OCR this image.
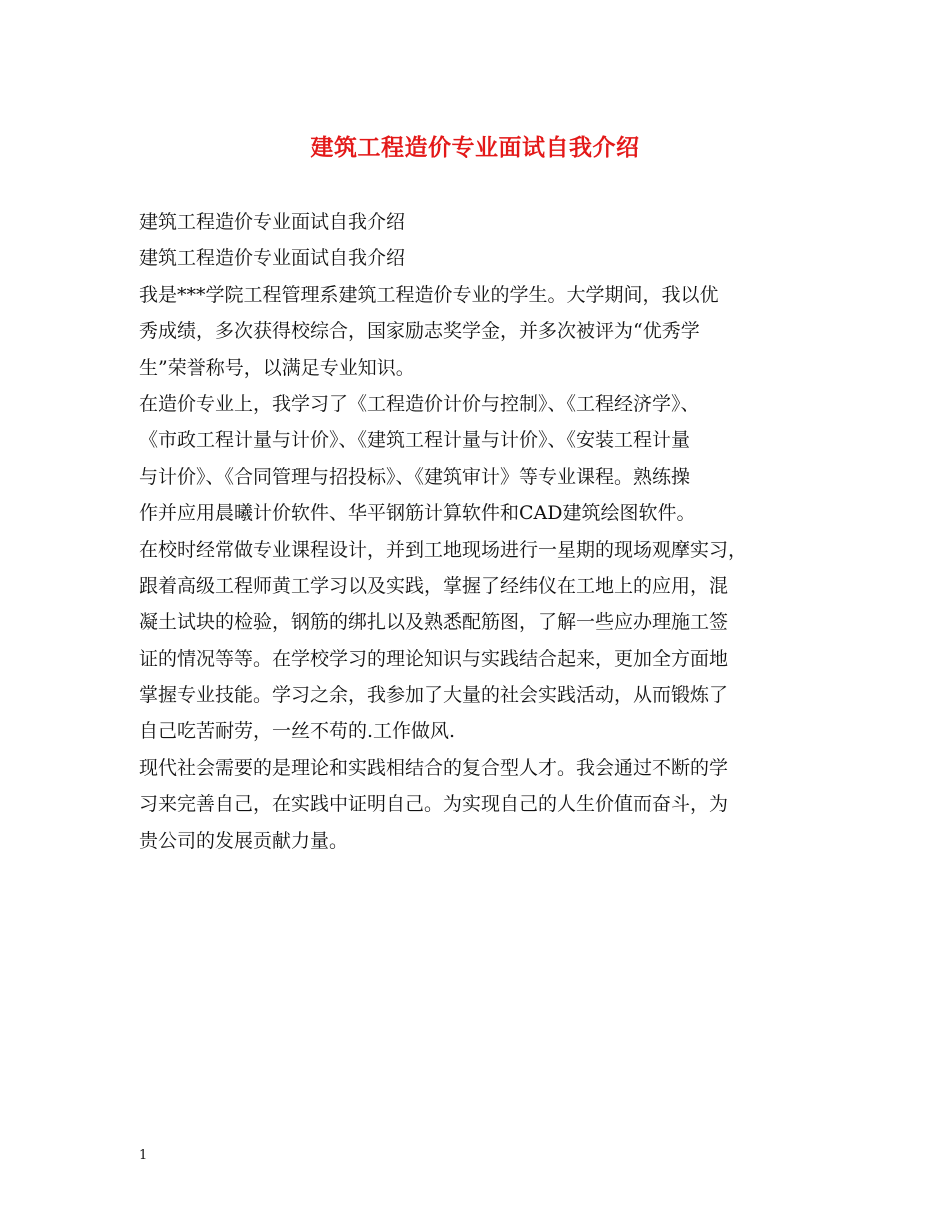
建筑工程造价专业面试自我介绍
建筑工程造价专业面试自我介绍
建筑工程造价专业面试自我介绍
我是***学院工程管理系建筑工程造价专业的学生。大学期间，我以优
秀成绩，多次获得校综合，国家励志奖学金，并多次被评为“优秀学
生”荣誉称号，以满足专业知识。
在造价专业上，我学习了《工程造价计价与控制》、《工程经济学》、
《市政工程计量与计价》、《建筑工程计量与计价》、《安装工程计量
与计价》、《合同管理与招投标》、《建筑审计》等专业课程。熟练操
作并应用晨曦计价软件、华平钢筋计算软件和CAD建筑绘图软件。
在校时经常做专业课程设计，并到工地现场进行一星期的现场观摩实习，
跟着高级工程师黄工学习以及实践，掌握了经纬仪在工地上的应用，混
凝土试块的检验，钢筋的绑扎以及熟悉配筋图，了解一些应办理施工签
证的情况等等。在学校学习的理论知识与实践结合起来，更加全方面地
掌握专业技能。学习之余，我参加了大量的社会实践活动，从而锻炼了
自己吃苦耐劳，一丝不苟的.工作做风.
现代社会需要的是理论和实践相结合的复合型人才。我会通过不断的学
习来完善自己，在实践中证明自己。为实现自己的人生价值而奋斗，为
贵公司的发展贡献力量。
1
